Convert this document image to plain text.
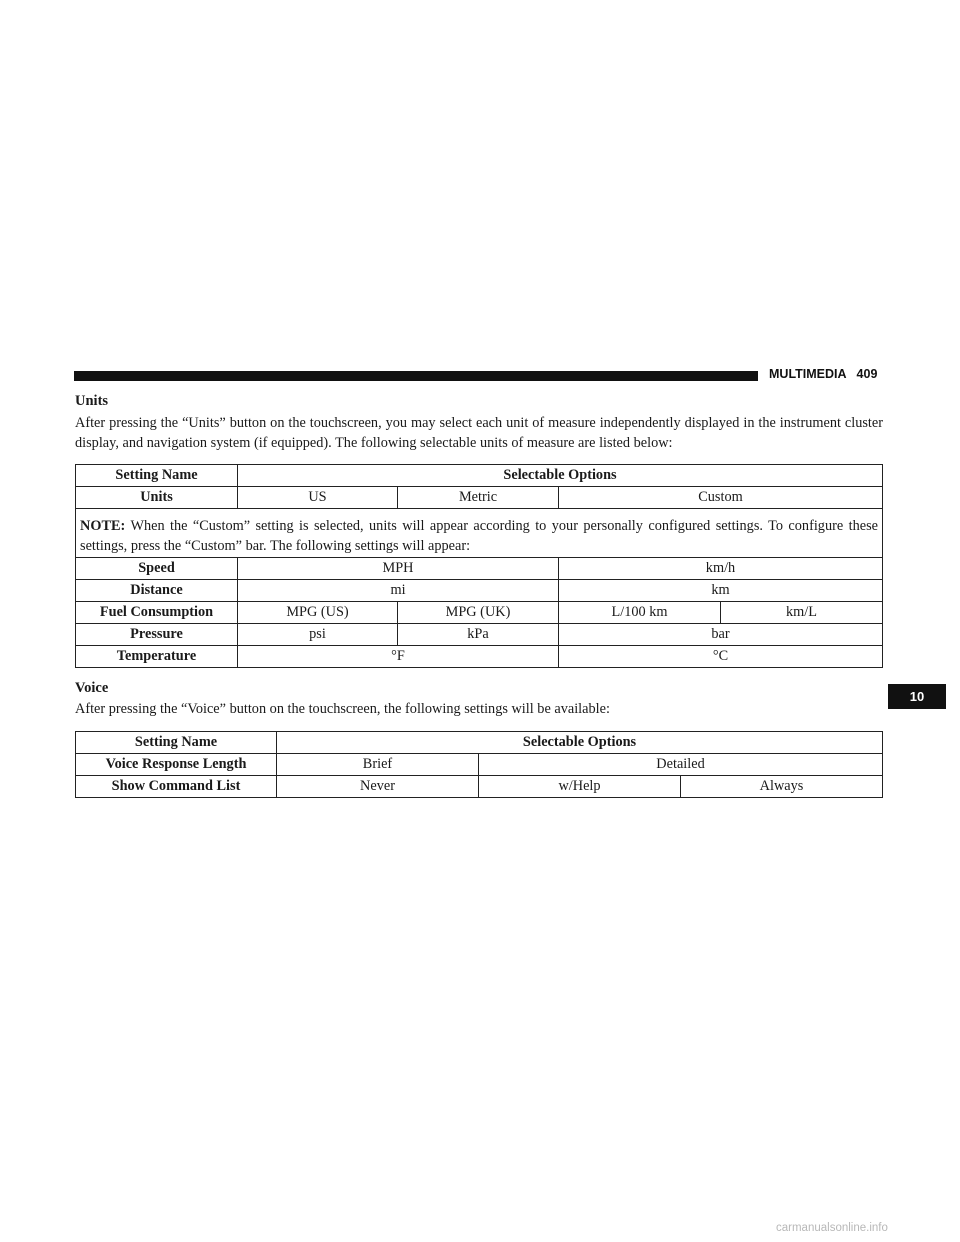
MULTIMEDIA 409
Units
After pressing the “Units” button on the touchscreen, you may select each unit of measure independently displayed in the instrument cluster display, and navigation system (if equipped). The following selectable units of measure are listed below:
Setting Name	Selectable Options			
Units	US	Metric	Custom	
NOTE: When the “Custom” setting is selected, units will appear according to your personally configured settings. To configure these settings, press the “Custom” bar. The following settings will appear:				
Speed	MPH		km/h	
Distance	mi		km	
Fuel Consumption	MPG (US)	MPG (UK)	L/100 km	km/L
Pressure	psi	kPa	bar	
Temperature	°F		°C	
Voice
After pressing the “Voice” button on the touchscreen, the following settings will be available:
Setting Name	Selectable Options		
Voice Response Length	Brief	Detailed	
Show Command List	Never	w/Help	Always
10
carmanualsonline.info
